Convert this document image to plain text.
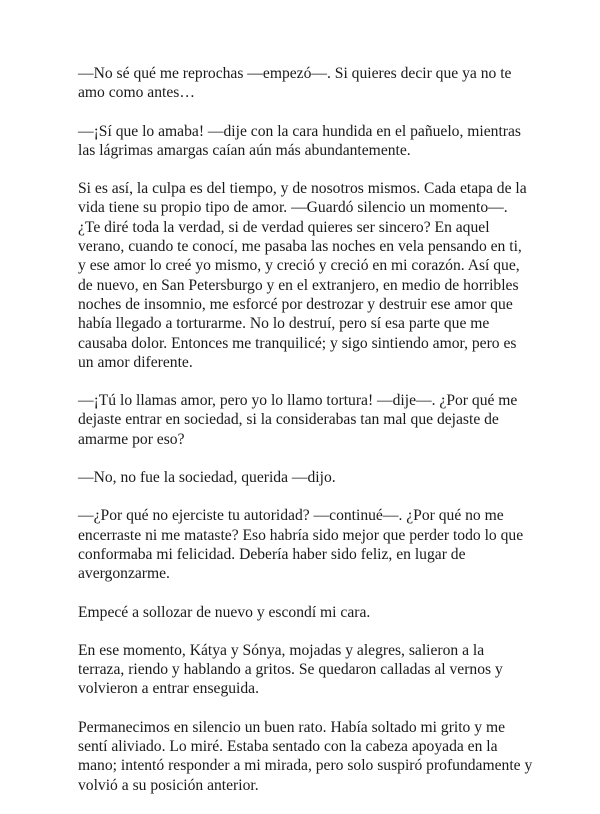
—No sé qué me reprochas —empezó—. Si quieres decir que ya no te amo como antes…

—¡Sí que lo amaba! —dije con la cara hundida en el pañuelo, mientras las lágrimas amargas caían aún más abundantemente.

Si es así, la culpa es del tiempo, y de nosotros mismos. Cada etapa de la vida tiene su propio tipo de amor. —Guardó silencio un momento—. ¿Te diré toda la verdad, si de verdad quieres ser sincero? En aquel verano, cuando te conocí, me pasaba las noches en vela pensando en ti, y ese amor lo creé yo mismo, y creció y creció en mi corazón. Así que, de nuevo, en San Petersburgo y en el extranjero, en medio de horribles noches de insomnio, me esforcé por destrozar y destruir ese amor que había llegado a torturarme. No lo destruí, pero sí esa parte que me causaba dolor. Entonces me tranquilicé; y sigo sintiendo amor, pero es un amor diferente.

—¡Tú lo llamas amor, pero yo lo llamo tortura! —dije—. ¿Por qué me dejaste entrar en sociedad, si la considerabas tan mal que dejaste de amarme por eso?

—No, no fue la sociedad, querida —dijo.

—¿Por qué no ejerciste tu autoridad? —continué—. ¿Por qué no me encerraste ni me mataste? Eso habría sido mejor que perder todo lo que conformaba mi felicidad. Debería haber sido feliz, en lugar de avergonzarme.

Empecé a sollozar de nuevo y escondí mi cara.

En ese momento, Kátya y Sónya, mojadas y alegres, salieron a la terraza, riendo y hablando a gritos. Se quedaron calladas al vernos y volvieron a entrar enseguida.

Permanecimos en silencio un buen rato. Había soltado mi grito y me sentí aliviado. Lo miré. Estaba sentado con la cabeza apoyada en la mano; intentó responder a mi mirada, pero solo suspiró profundamente y volvió a su posición anterior.
